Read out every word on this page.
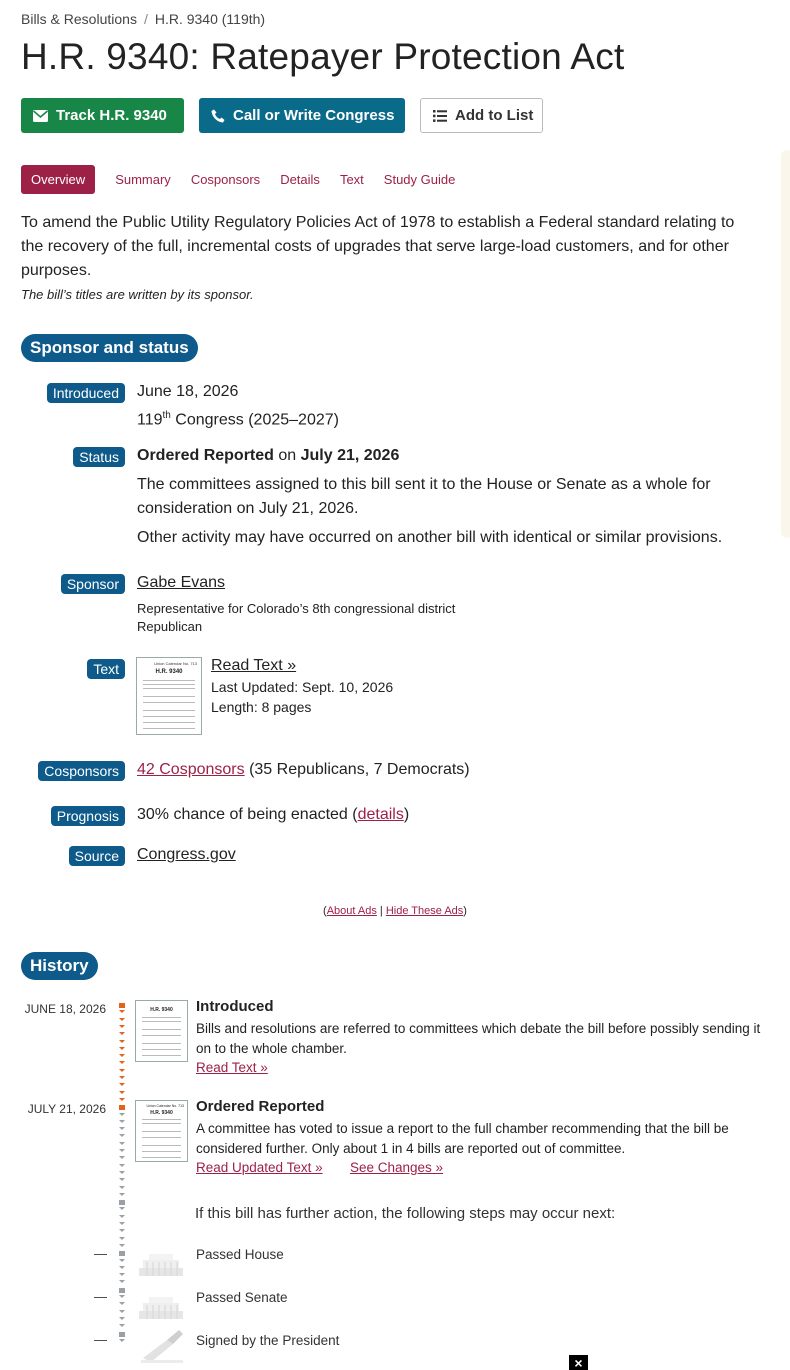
Bills & Resolutions / H.R. 9340 (119th)
H.R. 9340: Ratepayer Protection Act
Track H.R. 9340	Call or Write Congress	Add to List
Overview	Summary Cosponsors Details Text Study Guide

To amend the Public Utility Regulatory Policies Act of 1978 to establish a Federal standard relating to the recovery of the full, incremental costs of upgrades that serve large-load customers, and for other purposes.

The bill’s titles are written by its sponsor.

Sponsor and status
Introduced	June 18, 2026
119th Congress (2025–2027)
Status	Ordered Reported on July 21, 2026
The committees assigned to this bill sent it to the House or Senate as a whole for consideration on July 21, 2026.
Other activity may have occurred on another bill with identical or similar provisions.
Sponsor	Gabe Evans
Representative for Colorado’s 8th congressional district
Republican
Text	Union Calendar No. 713
H.R. 9340	Read Text »
Last Updated: Sept. 10, 2026
Length: 8 pages
Cosponsors	42 Cosponsors (35 Republicans, 7 Democrats)
Prognosis	30% chance of being enacted (details)
Source	Congress.gov
(About Ads | Hide These Ads)
History
JUNE 18, 2026	H.R. 9340	Introduced
Bills and resolutions are referred to committees which debate the bill before possibly sending it on to the whole chamber.
Read Text »
JULY 21, 2026	Union Calendar No. 713
H.R. 9340	Ordered Reported
A committee has voted to issue a report to the full chamber recommending that the bill be considered further. Only about 1 in 4 bills are reported out of committee.
Read Updated Text » See Changes »
If this bill has further action, the following steps may occur next:
—	Passed House
—	Passed Senate
—	Signed by the President
×
